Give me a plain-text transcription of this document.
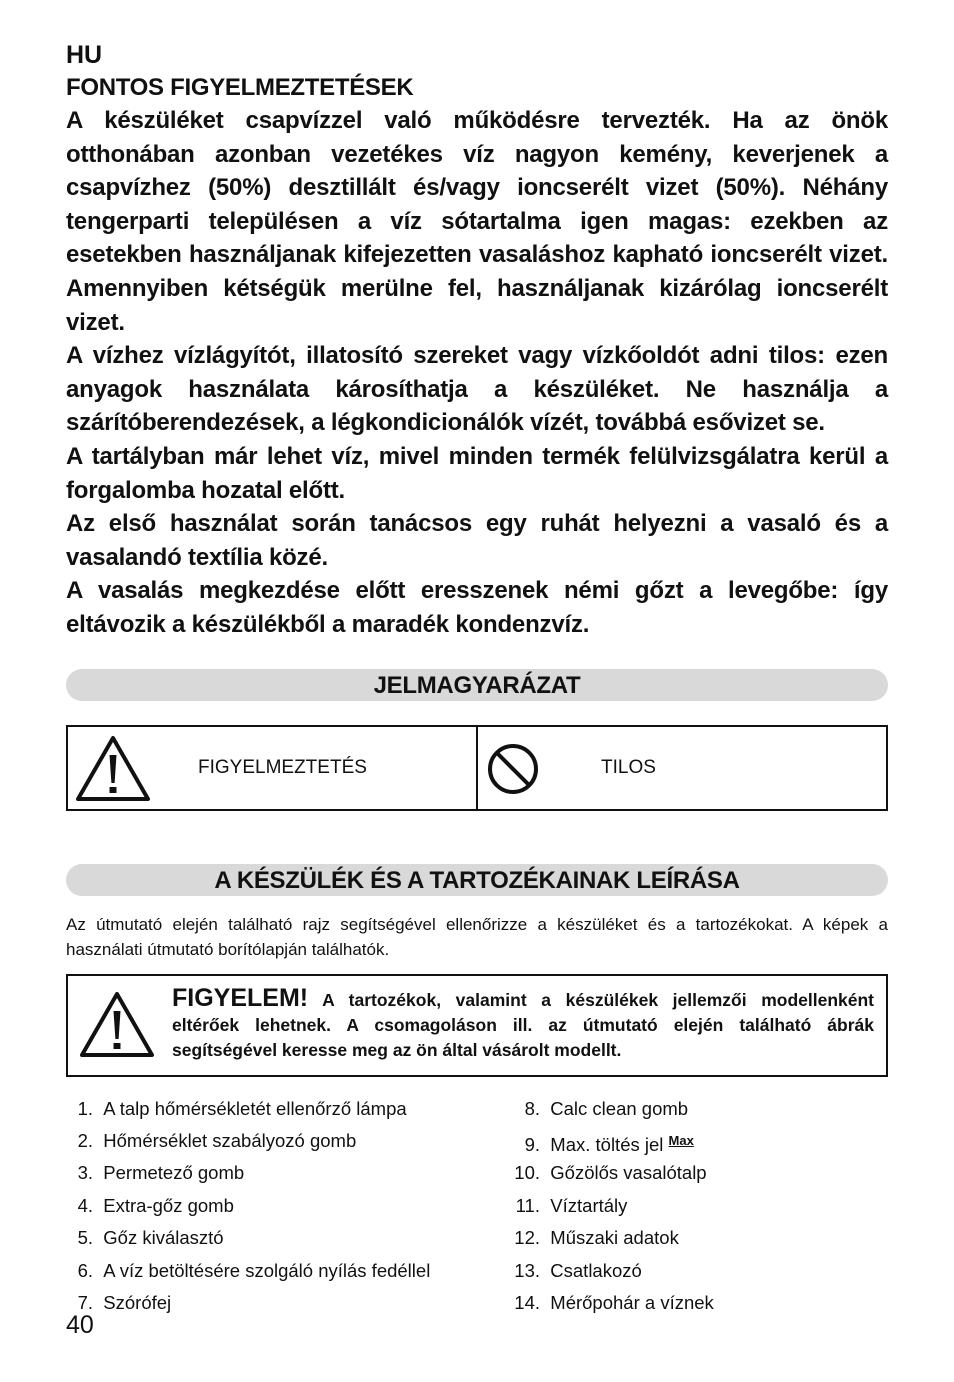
HU
FONTOS FIGYELMEZTETÉSEK

A készüléket csapvízzel való működésre tervezték. Ha az önök otthonában azonban vezetékes víz nagyon kemény, keverjenek a csapvízhez (50%) desztillált és/vagy ioncserélt vizet (50%). Néhány tengerparti településen a víz sótartalma igen magas: ezekben az esetekben használjanak kifejezetten vasaláshoz kapható ioncserélt vizet. Amennyiben kétségük merülne fel, használjanak kizárólag ioncserélt vizet.

A vízhez vízlágyítót, illatosító szereket vagy vízkőoldót adni tilos: ezen anyagok használata károsíthatja a készüléket. Ne használja a szárítóberendezések, a légkondicionálók vízét, továbbá esővizet se.

A tartályban már lehet víz, mivel minden termék felülvizsgálatra kerül a forgalomba hozatal előtt.

Az első használat során tanácsos egy ruhát helyezni a vasaló és a vasalandó textília közé.

A vasalás megkezdése előtt eresszenek némi gőzt a levegőbe: így eltávozik a készülékből a maradék kondenzvíz.

JELMAGYARÁZAT
FIGYELMEZTETÉS	TILOS
A KÉSZÜLÉK ÉS A TARTOZÉKAINAK LEÍRÁSA
Az útmutató elején található rajz segítségével ellenőrizze a készüléket és a tartozékokat. A képek a használati útmutató borítólapján találhatók.
FIGYELEM! A tartozékok, valamint a készülékek jellemzői modellenként eltérőek lehetnek. A csomagoláson ill. az útmutató elején található ábrák segítségével keresse meg az ön által vásárolt modellt.
1. A talp hőmérsékletét ellenőrző lámpa
2. Hőmérséklet szabályozó gomb
3. Permetező gomb
4. Extra-gőz gomb
5. Gőz kiválasztó
6. A víz betöltésére szolgáló nyílás fedéllel
7. Szórófej
8. Calc clean gomb
9. Max. töltés jel $^{Max}$
10. Gőzölős vasalótalp
11. Víztartály
12. Műszaki adatok
13. Csatlakozó
14. Mérőpohár a víznek
40
